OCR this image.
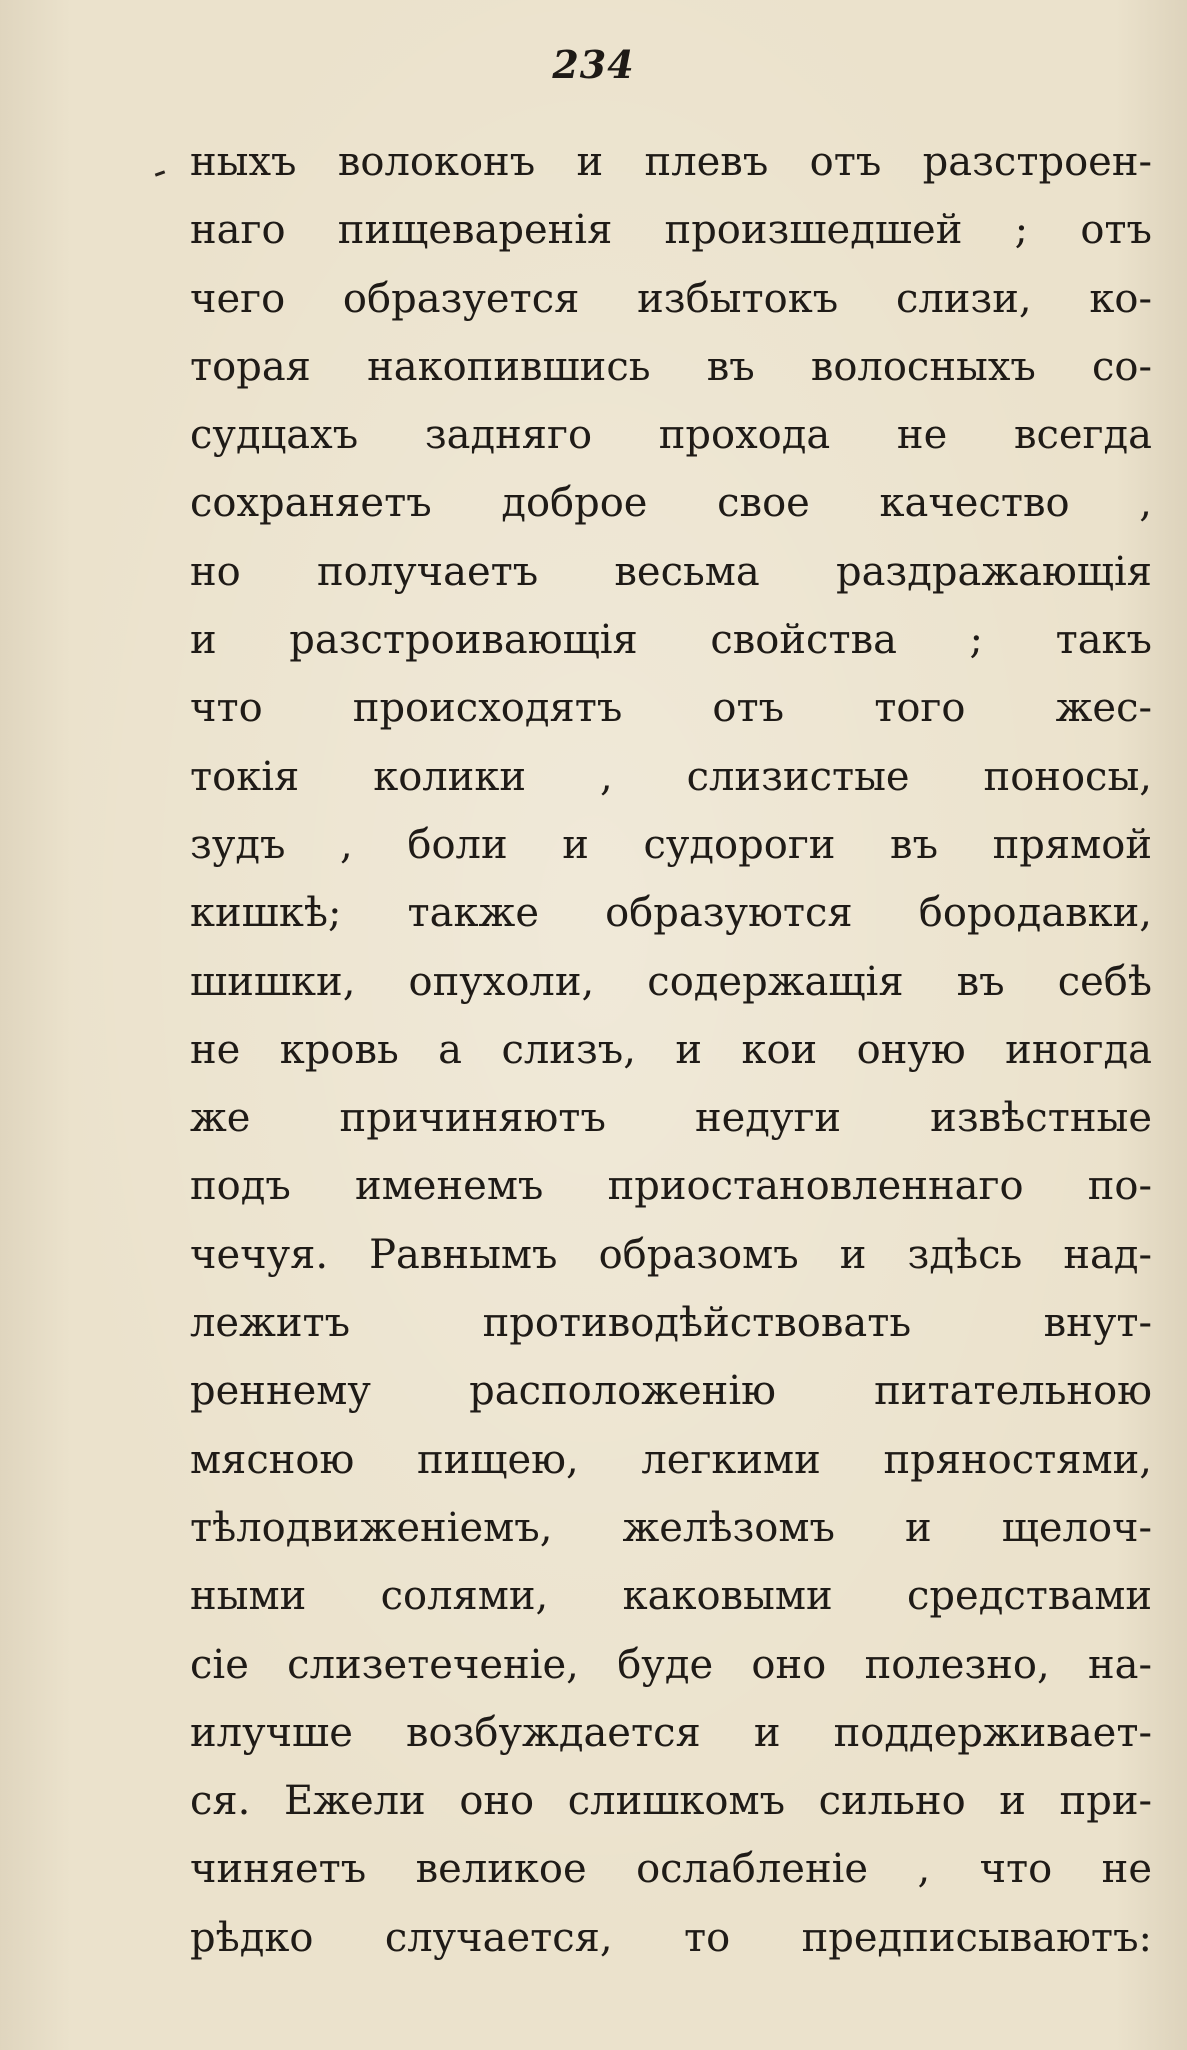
234
ныхъ волоконъ и плевъ отъ разстроен-
наго пищеваренія произшедшей ; отъ
чего образуется избытокъ слизи, ко-
торая накопившись въ волосныхъ со-
судцахъ задняго прохода не всегда
сохраняетъ доброе свое качество ,
но получаетъ весьма раздражающія
и разстроивающія свойства ; такъ
что происходятъ отъ того жес-
токія колики , слизистые поносы,
зудъ , боли и судороги въ прямой
кишкѣ; также образуются бородавки,
шишки, опухоли, содержащія въ себѣ
не кровь а слизъ, и кои оную иногда
же причиняютъ недуги извѣстные
подъ именемъ приостановленнаго по-
чечуя. Равнымъ образомъ и здѣсь над-
лежитъ противодѣйствовать внут-
реннему расположенію питательною
мясною пищею, легкими пряностями,
тѣлодвиженіемъ, желѣзомъ и щелоч-
ными солями, каковыми средствами
сіе слизетеченіе, буде оно полезно, на-
илучше возбуждается и поддерживает-
ся. Ежели оно слишкомъ сильно и при-
чиняетъ великое ослабленіе , что не
рѣдко случается, то предписываютъ:
